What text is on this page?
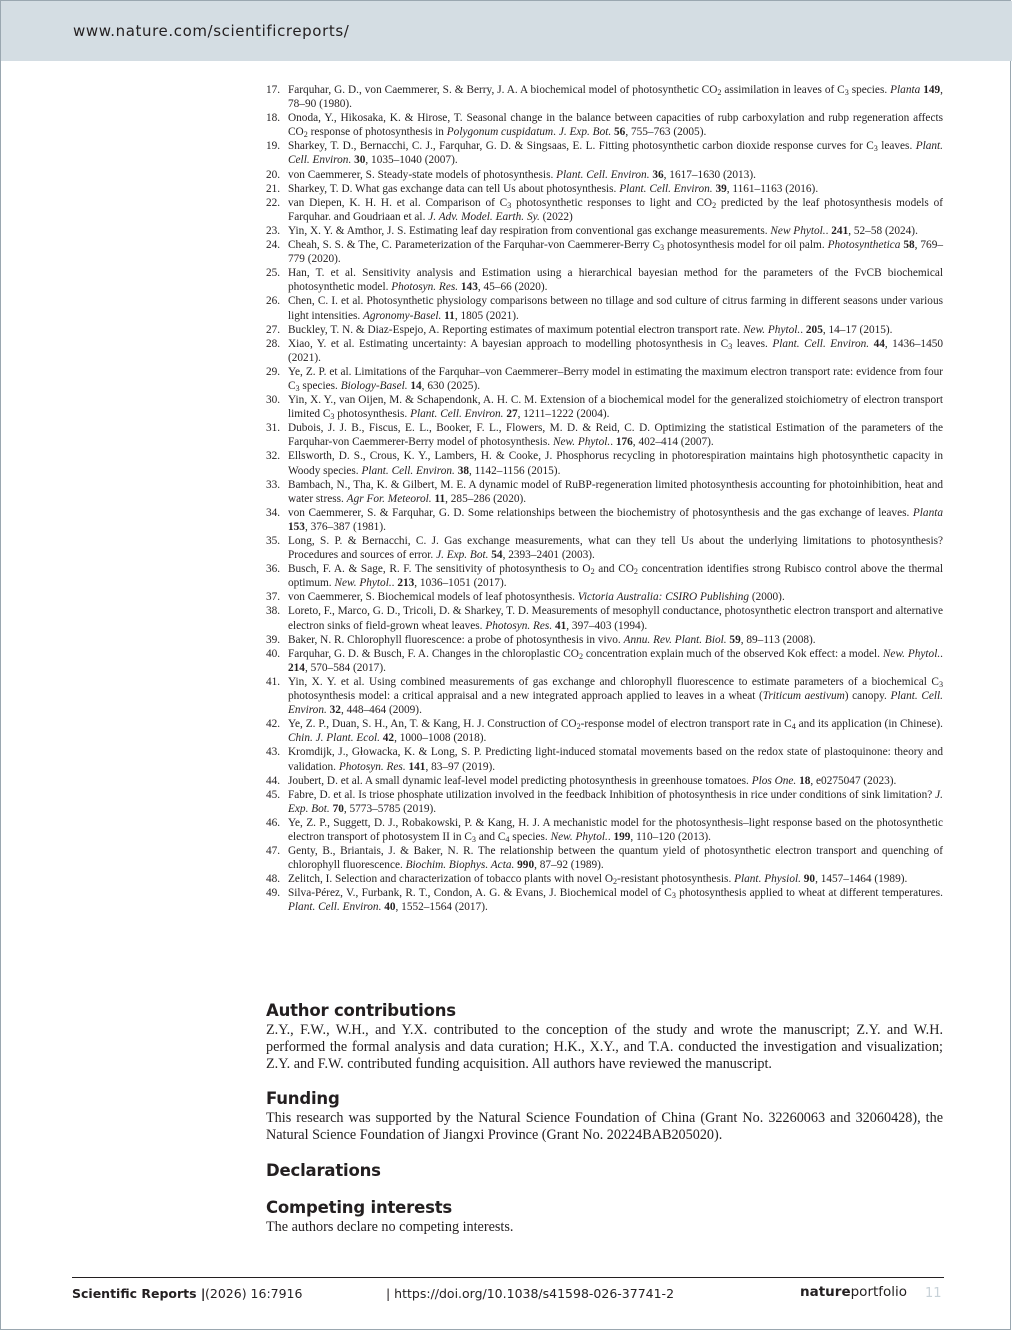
www.nature.com/scientificreports/
17. Farquhar, G. D., von Caemmerer, S. & Berry, J. A. A biochemical model of photosynthetic $CO_2$ assimilation in leaves of $C_3$ species. Planta 149, 78–90 (1980).
18. Onoda, Y., Hikosaka, K. & Hirose, T. Seasonal change in the balance between capacities of rubp carboxylation and rubp regeneration affects $CO_2$ response of photosynthesis in Polygonum cuspidatum. J. Exp. Bot. 56, 755–763 (2005).
19. Sharkey, T. D., Bernacchi, C. J., Farquhar, G. D. & Singsaas, E. L. Fitting photosynthetic carbon dioxide response curves for $C_3$ leaves. Plant. Cell. Environ. 30, 1035–1040 (2007).
20. von Caemmerer, S. Steady-state models of photosynthesis. Plant. Cell. Environ. 36, 1617–1630 (2013).
21. Sharkey, T. D. What gas exchange data can tell Us about photosynthesis. Plant. Cell. Environ. 39, 1161–1163 (2016).
22. van Diepen, K. H. H. et al. Comparison of $C_3$ photosynthetic responses to light and $CO_2$ predicted by the leaf photosynthesis models of Farquhar. and Goudriaan et al. J. Adv. Model. Earth. Sy. (2022)
23. Yin, X. Y. & Amthor, J. S. Estimating leaf day respiration from conventional gas exchange measurements. New Phytol.. 241, 52–58 (2024).
24. Cheah, S. S. & The, C. Parameterization of the Farquhar-von Caemmerer-Berry $C_3$ photosynthesis model for oil palm. Photosynthetica 58, 769–779 (2020).
25. Han, T. et al. Sensitivity analysis and Estimation using a hierarchical bayesian method for the parameters of the FvCB biochemical photosynthetic model. Photosyn. Res. 143, 45–66 (2020).
26. Chen, C. I. et al. Photosynthetic physiology comparisons between no tillage and sod culture of citrus farming in different seasons under various light intensities. Agronomy-Basel. 11, 1805 (2021).
27. Buckley, T. N. & Diaz-Espejo, A. Reporting estimates of maximum potential electron transport rate. New. Phytol.. 205, 14–17 (2015).
28. Xiao, Y. et al. Estimating uncertainty: A bayesian approach to modelling photosynthesis in $C_3$ leaves. Plant. Cell. Environ. 44, 1436–1450 (2021).
29. Ye, Z. P. et al. Limitations of the Farquhar–von Caemmerer–Berry model in estimating the maximum electron transport rate: evidence from four $C_3$ species. Biology-Basel. 14, 630 (2025).
30. Yin, X. Y., van Oijen, M. & Schapendonk, A. H. C. M. Extension of a biochemical model for the generalized stoichiometry of electron transport limited $C_3$ photosynthesis. Plant. Cell. Environ. 27, 1211–1222 (2004).
31. Dubois, J. J. B., Fiscus, E. L., Booker, F. L., Flowers, M. D. & Reid, C. D. Optimizing the statistical Estimation of the parameters of the Farquhar-von Caemmerer-Berry model of photosynthesis. New. Phytol.. 176, 402–414 (2007).
32. Ellsworth, D. S., Crous, K. Y., Lambers, H. & Cooke, J. Phosphorus recycling in photorespiration maintains high photosynthetic capacity in Woody species. Plant. Cell. Environ. 38, 1142–1156 (2015).
33. Bambach, N., Tha, K. & Gilbert, M. E. A dynamic model of RuBP-regeneration limited photosynthesis accounting for photoinhibition, heat and water stress. Agr For. Meteorol. 11, 285–286 (2020).
34. von Caemmerer, S. & Farquhar, G. D. Some relationships between the biochemistry of photosynthesis and the gas exchange of leaves. Planta 153, 376–387 (1981).
35. Long, S. P. & Bernacchi, C. J. Gas exchange measurements, what can they tell Us about the underlying limitations to photosynthesis? Procedures and sources of error. J. Exp. Bot. 54, 2393–2401 (2003).
36. Busch, F. A. & Sage, R. F. The sensitivity of photosynthesis to $O_2$ and $CO_2$ concentration identifies strong Rubisco control above the thermal optimum. New. Phytol.. 213, 1036–1051 (2017).
37. von Caemmerer, S. Biochemical models of leaf photosynthesis. Victoria Australia: CSIRO Publishing (2000).
38. Loreto, F., Marco, G. D., Tricoli, D. & Sharkey, T. D. Measurements of mesophyll conductance, photosynthetic electron transport and alternative electron sinks of field-grown wheat leaves. Photosyn. Res. 41, 397–403 (1994).
39. Baker, N. R. Chlorophyll fluorescence: a probe of photosynthesis in vivo. Annu. Rev. Plant. Biol. 59, 89–113 (2008).
40. Farquhar, G. D. & Busch, F. A. Changes in the chloroplastic $CO_2$ concentration explain much of the observed Kok effect: a model. New. Phytol.. 214, 570–584 (2017).
41. Yin, X. Y. et al. Using combined measurements of gas exchange and chlorophyll fluorescence to estimate parameters of a biochemical $C_3$ photosynthesis model: a critical appraisal and a new integrated approach applied to leaves in a wheat (Triticum aestivum) canopy. Plant. Cell. Environ. 32, 448–464 (2009).
42. Ye, Z. P., Duan, S. H., An, T. & Kang, H. J. Construction of $CO_2$-response model of electron transport rate in $C_4$ and its application (in Chinese). Chin. J. Plant. Ecol. 42, 1000–1008 (2018).
43. Kromdijk, J., Głowacka, K. & Long, S. P. Predicting light-induced stomatal movements based on the redox state of plastoquinone: theory and validation. Photosyn. Res. 141, 83–97 (2019).
44. Joubert, D. et al. A small dynamic leaf-level model predicting photosynthesis in greenhouse tomatoes. Plos One. 18, e0275047 (2023).
45. Fabre, D. et al. Is triose phosphate utilization involved in the feedback Inhibition of photosynthesis in rice under conditions of sink limitation? J. Exp. Bot. 70, 5773–5785 (2019).
46. Ye, Z. P., Suggett, D. J., Robakowski, P. & Kang, H. J. A mechanistic model for the photosynthesis–light response based on the photosynthetic electron transport of photosystem II in $C_3$ and $C_4$ species. New. Phytol.. 199, 110–120 (2013).
47. Genty, B., Briantais, J. & Baker, N. R. The relationship between the quantum yield of photosynthetic electron transport and quenching of chlorophyll fluorescence. Biochim. Biophys. Acta. 990, 87–92 (1989).
48. Zelitch, I. Selection and characterization of tobacco plants with novel $O_2$-resistant photosynthesis. Plant. Physiol. 90, 1457–1464 (1989).
49. Silva-Pérez, V., Furbank, R. T., Condon, A. G. & Evans, J. Biochemical model of $C_3$ photosynthesis applied to wheat at different temperatures. Plant. Cell. Environ. 40, 1552–1564 (2017).
Author contributions

Z.Y., F.W., W.H., and Y.X. contributed to the conception of the study and wrote the manuscript; Z.Y. and W.H. performed the formal analysis and data curation; H.K., X.Y., and T.A. conducted the investigation and visualization; Z.Y. and F.W. contributed funding acquisition. All authors have reviewed the manuscript.

Funding

This research was supported by the Natural Science Foundation of China (Grant No. 32260063 and 32060428), the Natural Science Foundation of Jiangxi Province (Grant No. 20224BAB205020).

Declarations
Competing interests

The authors declare no competing interests.

Scientific Reports | (2026) 16:7916	| https://doi.org/10.1038/s41598-026-37741-2	natureportfolio 11
